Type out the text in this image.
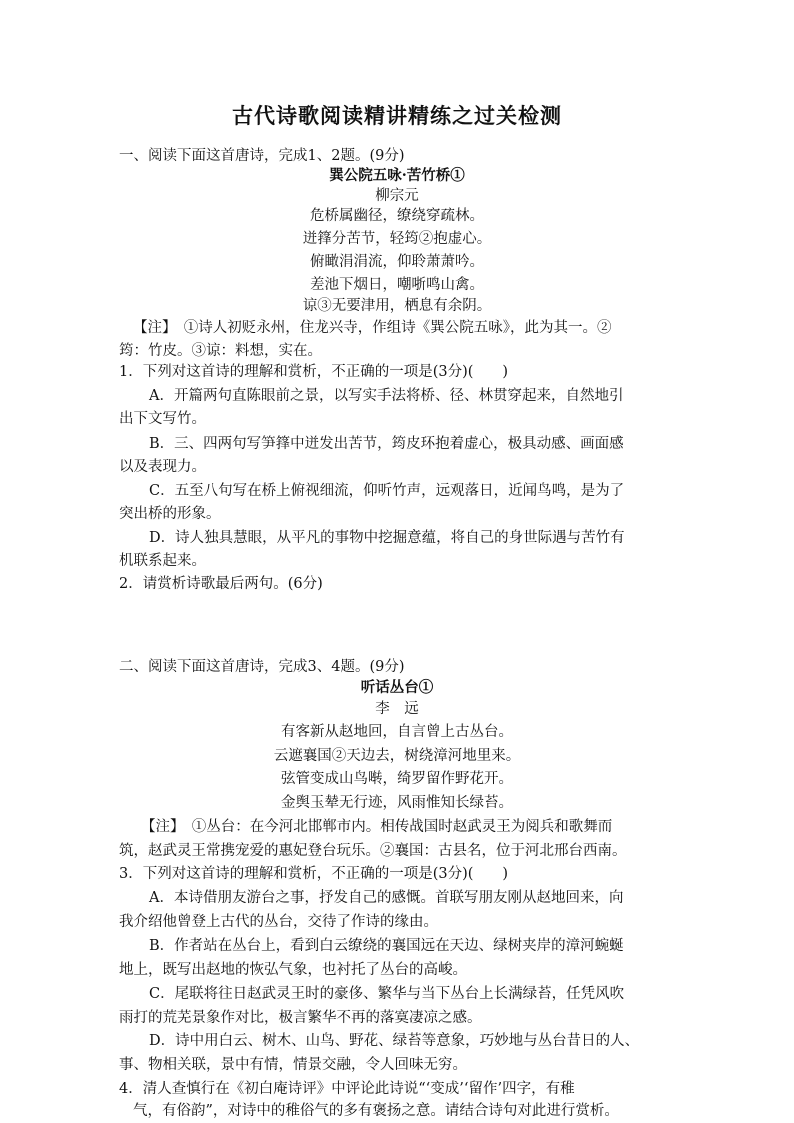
古代诗歌阅读精讲精练之过关检测
一、阅读下面这首唐诗，完成1、2题。(9分)
巽公院五咏·苦竹桥①
柳宗元
危桥属幽径，缭绕穿疏林。
迸箨分苦节，轻筠②抱虚心。
俯瞰涓涓流，仰聆萧萧吟。
差池下烟日，嘲哳鸣山禽。
谅③无要津用，栖息有余阴。
【注】　①诗人初贬永州，住龙兴寺，作组诗《巽公院五咏》，此为其一。②
筠：竹皮。③谅：料想，实在。
1．下列对这首诗的理解和赏析，不正确的一项是(3分)(　　)
A．开篇两句直陈眼前之景，以写实手法将桥、径、林贯穿起来，自然地引
出下文写竹。
B．三、四两句写笋箨中迸发出苦节，筠皮环抱着虚心，极具动感、画面感
以及表现力。
C．五至八句写在桥上俯视细流，仰听竹声，远观落日，近闻鸟鸣，是为了
突出桥的形象。
D．诗人独具慧眼，从平凡的事物中挖掘意蕴，将自己的身世际遇与苦竹有
机联系起来。
2．请赏析诗歌最后两句。(6分)
二、阅读下面这首唐诗，完成3、4题。(9分)
听话丛台①
李　远
有客新从赵地回，自言曾上古丛台。
云遮襄国②天边去，树绕漳河地里来。
弦管变成山鸟啭，绮罗留作野花开。
金舆玉辇无行迹，风雨惟知长绿苔。
【注】　①丛台：在今河北邯郸市内。相传战国时赵武灵王为阅兵和歌舞而
筑，赵武灵王常携宠爱的惠妃登台玩乐。②襄国：古县名，位于河北邢台西南。
3．下列对这首诗的理解和赏析，不正确的一项是(3分)(　　)
A．本诗借朋友游台之事，抒发自己的感慨。首联写朋友刚从赵地回来，向
我介绍他曾登上古代的丛台，交待了作诗的缘由。
B．作者站在丛台上，看到白云缭绕的襄国远在天边、绿树夹岸的漳河蜿蜒
地上，既写出赵地的恢弘气象，也衬托了丛台的高峻。
C．尾联将往日赵武灵王时的豪侈、繁华与当下丛台上长满绿苔，任凭风吹
雨打的荒芜景象作对比，极言繁华不再的落寞凄凉之感。
D．诗中用白云、树木、山鸟、野花、绿苔等意象，巧妙地与丛台昔日的人、
事、物相关联，景中有情，情景交融，令人回味无穷。
4．清人查慎行在《初白庵诗评》中评论此诗说“‘变成’‘留作’四字，有稚
气，有俗韵”，对诗中的稚俗气的多有褒扬之意。请结合诗句对此进行赏析。
